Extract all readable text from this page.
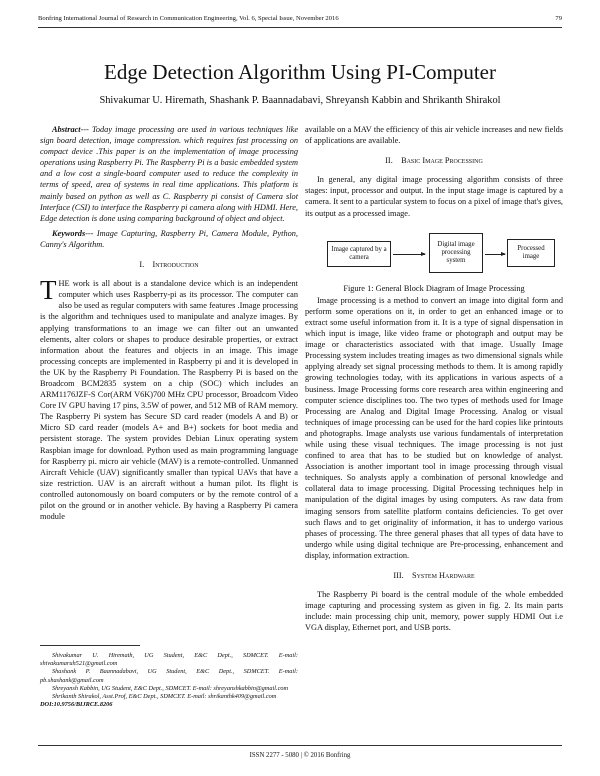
Bonfring International Journal of Research in Communication Engineering, Vol. 6, Special Issue, November 2016	79
Edge Detection Algorithm Using PI-Computer
Shivakumar U. Hiremath, Shashank P. Baannadabavi, Shreyansh Kabbin and Shrikanth Shirakol

Abstract--- Today image processing are used in various techniques like sign board detection, image compression. which requires fast processing on compact device .This paper is on the implementation of image processing operations using Raspberry Pi. The Raspberry Pi is a basic embedded system and a low cost a single-board computer used to reduce the complexity in terms of speed, area of systems in real time applications. This platform is mainly based on python as well as C. Raspberry pi consist of Camera slot Interface (CSI) to interface the Raspberry pi camera along with HDMI. Here, Edge detection is done using comparing background of object and object.

Keywords--- Image Capturing, Raspberry Pi, Camera Module, Python, Canny's Algorithm.

I. Introduction

THE work is all about is a standalone device which is an independent computer which uses Raspberry-pi as its processor. The computer can also be used as regular computers with same features .Image processing is the algorithm and techniques used to manipulate and analyze images. By applying transformations to an image we can filter out an unwanted elements, alter colors or shapes to produce desirable properties, or extract information about the features and objects in an image. This image processing concepts are implemented in Raspberry pi and it is developed in the UK by the Raspberry Pi Foundation. The Raspberry Pi is based on the Broadcom BCM2835 system on a chip (SOC) which includes an ARM1176JZF-S Cor(ARM V6K)700 MHz CPU processor, Broadcom Video Core IV GPU having 17 pins, 3.5W of power, and 512 MB of RAM memory. The Raspberry Pi system has Secure SD card reader (models A and B) or Micro SD card reader (models A+ and B+) sockets for boot media and persistent storage. The system provides Debian Linux operating system Raspbian image for download. Python used as main programming language for Raspberry pi. micro air vehicle (MAV) is a remote-controlled. Unmanned Aircraft Vehicle (UAV) significantly smaller than typical UAVs that have a size restriction. UAV is an aircraft without a human pilot. Its flight is controlled autonomously on board computers or by the remote control of a pilot on the ground or in another vehicle. By having a Raspberry Pi camera module

available on a MAV the efficiency of this air vehicle increases and new fields of applications are available.

II. Basic Image Processing

In general, any digital image processing algorithm consists of three stages: input, processor and output. In the input stage image is captured by a camera. It sent to a particular system to focus on a pixel of image that's gives, its output as a processed image.

Image captured by a camera
Digital image processing system
Processed image
Figure 1: General Block Diagram of Image Processing

Image processing is a method to convert an image into digital form and perform some operations on it, in order to get an enhanced image or to extract some useful information from it. It is a type of signal dispensation in which input is image, like video frame or photograph and output may be image or characteristics associated with that image. Usually Image Processing system includes treating images as two dimensional signals while applying already set signal processing methods to them. It is among rapidly growing technologies today, with its applications in various aspects of a business. Image Processing forms core research area within engineering and computer science disciplines too. The two types of methods used for Image Processing are Analog and Digital Image Processing. Analog or visual techniques of image processing can be used for the hard copies like printouts and photographs. Image analysts use various fundamentals of interpretation while using these visual techniques. The image processing is not just confined to area that has to be studied but on knowledge of analyst. Association is another important tool in image processing through visual techniques. So analysts apply a combination of personal knowledge and collateral data to image processing. Digital Processing techniques help in manipulation of the digital images by using computers. As raw data from imaging sensors from satellite platform contains deficiencies. To get over such flaws and to get originality of information, it has to undergo various phases of processing. The three general phases that all types of data have to undergo while using digital technique are Pre-processing, enhancement and display, information extraction.

III. System Hardware

The Raspberry Pi board is the central module of the whole embedded image capturing and processing system as given in fig. 2. Its main parts include: main processing chip unit, memory, power supply HDMI Out i.e VGA display, Ethernet port, and USB ports.

Shivakumar U. Hiremath, UG Student, E&C Dept., SDMCET. E-mail: shivakumaruh521@gmail.com

Shashank P. Baannadabavi, UG Student, E&C Dept., SDMCET. E-mail: pb.shashank@gmail.com

Shreyansh Kabbin, UG Student, E&C Dept., SDMCET. E-mail: shreyanshkabbin@gmail.com

Shrikanth Shirakol, Asst.Prof, E&C Dept., SDMCET. E-mail: shrikanthk409@gmail.com

DOI:10.9756/BIJRCE.8206

ISSN 2277 - 5080 | © 2016 Bonfring
